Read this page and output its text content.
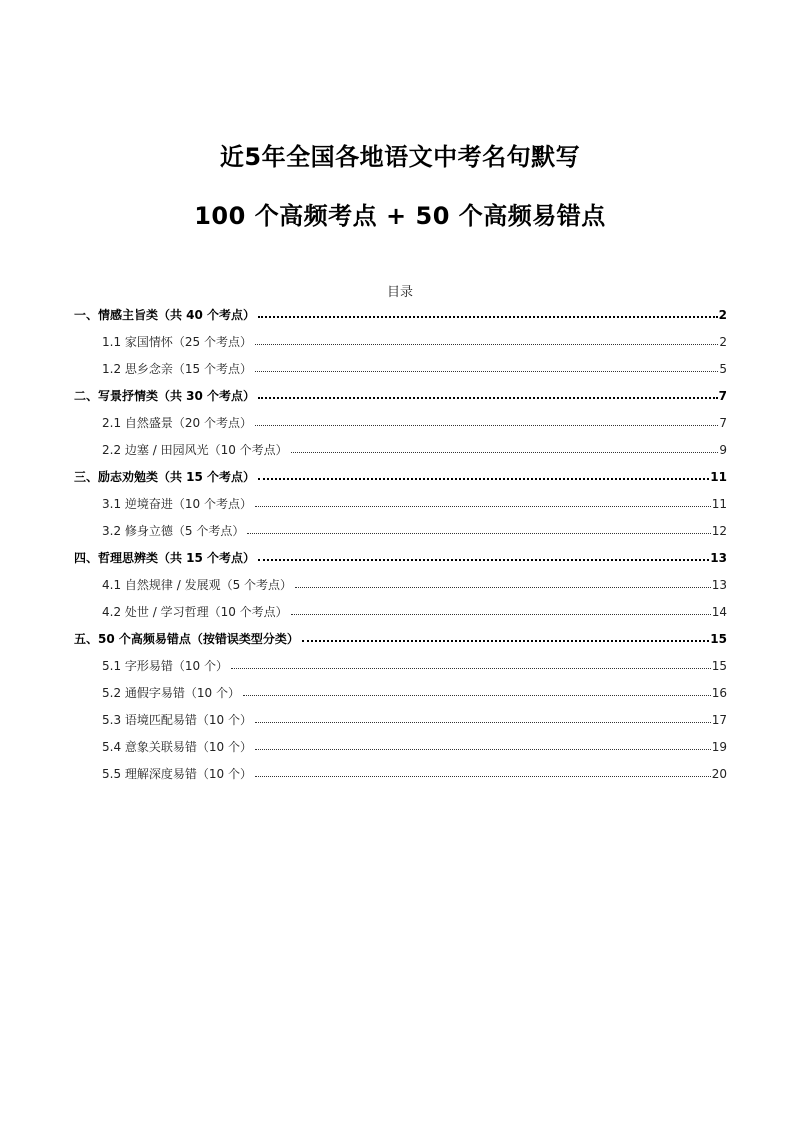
近5年全国各地语文中考名句默写
100 个高频考点 + 50 个高频易错点
目录
一、情感主旨类（共 40 个考点）	2
1.1 家国情怀（25 个考点）	2
1.2 思乡念亲（15 个考点）	5
二、写景抒情类（共 30 个考点）	7
2.1 自然盛景（20 个考点）	7
2.2 边塞 / 田园风光（10 个考点）	9
三、励志劝勉类（共 15 个考点）	11
3.1 逆境奋进（10 个考点）	11
3.2 修身立德（5 个考点）	12
四、哲理思辨类（共 15 个考点）	13
4.1 自然规律 / 发展观（5 个考点）	13
4.2 处世 / 学习哲理（10 个考点）	14
五、50 个高频易错点（按错误类型分类）	15
5.1 字形易错（10 个）	15
5.2 通假字易错（10 个）	16
5.3 语境匹配易错（10 个）	17
5.4 意象关联易错（10 个）	19
5.5 理解深度易错（10 个）	20
